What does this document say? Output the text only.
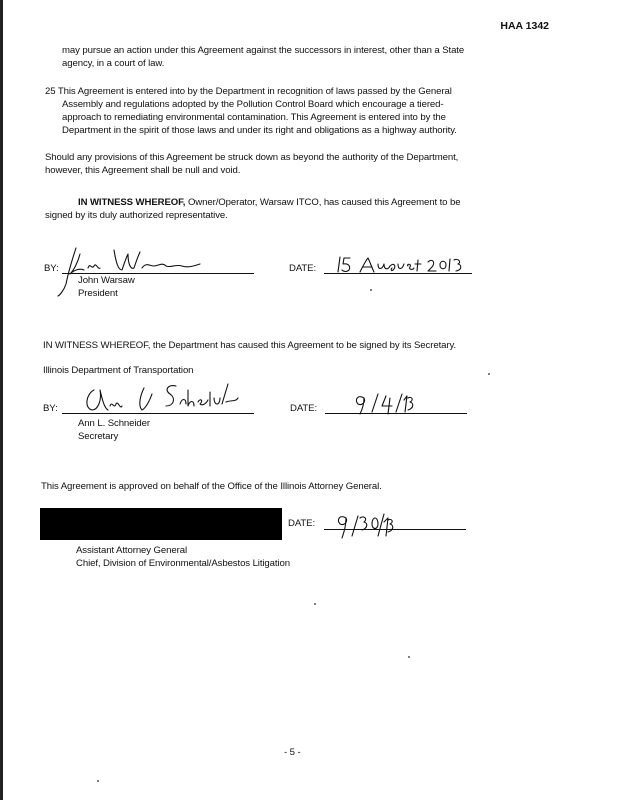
HAA 1342
may pursue an action under this Agreement against the successors in interest, other than a State
agency, in a court of law.
25 This Agreement is entered into by the Department in recognition of laws passed by the General
Assembly and regulations adopted by the Pollution Control Board which encourage a tiered-
approach to remediating environmental contamination. This Agreement is entered into by the
Department in the spirit of those laws and under its right and obligations as a highway authority.
Should any provisions of this Agreement be struck down as beyond the authority of the Department,
however, this Agreement shall be null and void.
IN WITNESS WHEREOF, Owner/Operator, Warsaw ITCO, has caused this Agreement to be
signed by its duly authorized representative.
BY:
John Warsaw
President
DATE:
IN WITNESS WHEREOF, the Department has caused this Agreement to be signed by its Secretary.
Illinois Department of Transportation
BY:
Ann L. Schneider
Secretary
DATE:
This Agreement is approved on behalf of the Office of the Illinois Attorney General.
DATE:
Assistant Attorney General
Chief, Division of Environmental/Asbestos Litigation
- 5 -
